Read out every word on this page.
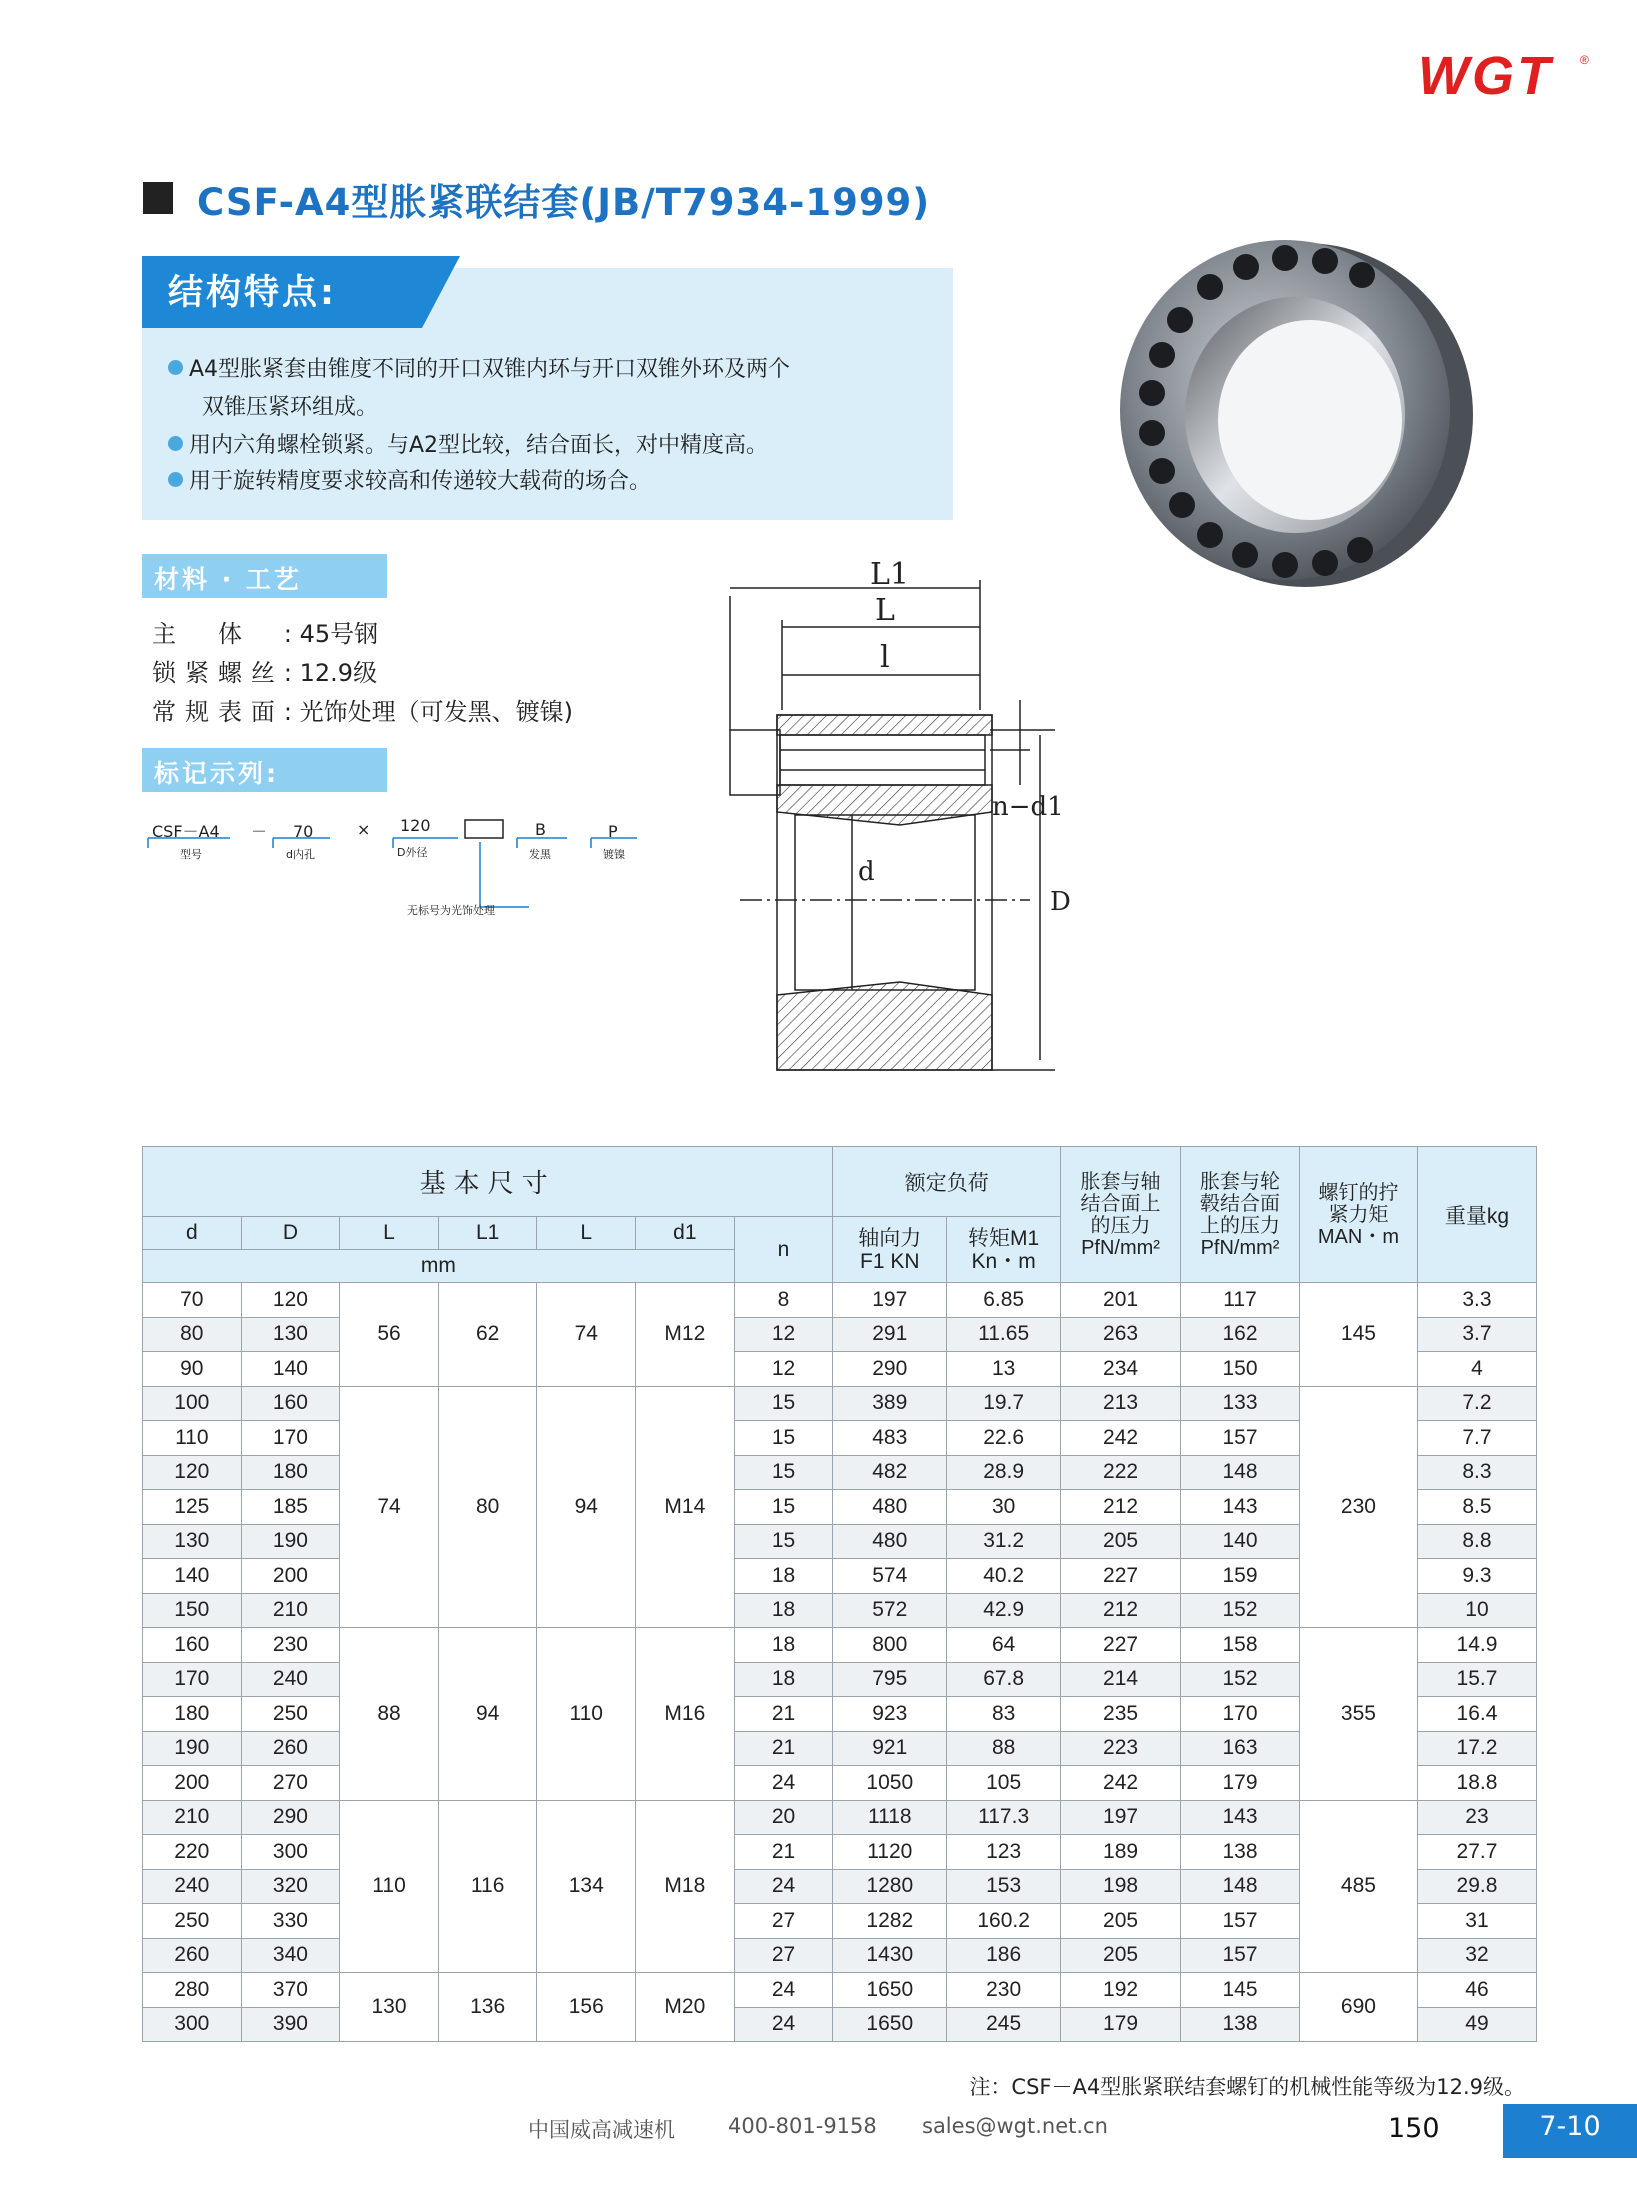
WGT ®
CSF-A4型胀紧联结套(JB/T7934-1999)
结构特点:
A4型胀紧套由锥度不同的开口双锥内环与开口双锥外环及两个
双锥压紧环组成。
用内六角螺栓锁紧。与A2型比较，结合面长，对中精度高。
用于旋转精度要求较高和传递较大载荷的场合。
材料 · 工艺
主体: 45号钢
锁紧螺丝: 12.9级
常规表面: 光饰处理（可发黑、镀镍)
标记示列:
CSF－A4
型号
－ 70
d内孔
× 120
D外径
B
发黑
P
镀镍
无标号为光饰处理
L1
L
l
n−d1
d
D
基本尺寸							额定负荷		胀套与轴
结合面上
的压力
PfN/mm²	胀套与轮
毂结合面
上的压力
PfN/mm²	螺钉的拧
紧力矩
MAN・m	重量kg
d	D	L	L1	L	d1	n	轴向力
F1 KN	转矩M1
Kn・m				
mm												
70	120	56	62	74	M12	8	197	6.85	201	117	145	3.3
80	130					12	291	11.65	263	162		3.7
90	140					12	290	13	234	150		4
100	160	74	80	94	M14	15	389	19.7	213	133	230	7.2
110	170					15	483	22.6	242	157		7.7
120	180					15	482	28.9	222	148		8.3
125	185					15	480	30	212	143		8.5
130	190					15	480	31.2	205	140		8.8
140	200					18	574	40.2	227	159		9.3
150	210					18	572	42.9	212	152		10
160	230	88	94	110	M16	18	800	64	227	158	355	14.9
170	240					18	795	67.8	214	152		15.7
180	250					21	923	83	235	170		16.4
190	260					21	921	88	223	163		17.2
200	270					24	1050	105	242	179		18.8
210	290	110	116	134	M18	20	1118	117.3	197	143	485	23
220	300					21	1120	123	189	138		27.7
240	320					24	1280	153	198	148		29.8
250	330					27	1282	160.2	205	157		31
260	340					27	1430	186	205	157		32
280	370	130	136	156	M20	24	1650	230	192	145	690	46
300	390					24	1650	245	179	138		49
注：CSF－A4型胀紧联结套螺钉的机械性能等级为12.9级。
中国威高减速机	400-801-9158 sales@wgt.net.cn	150	7-10
